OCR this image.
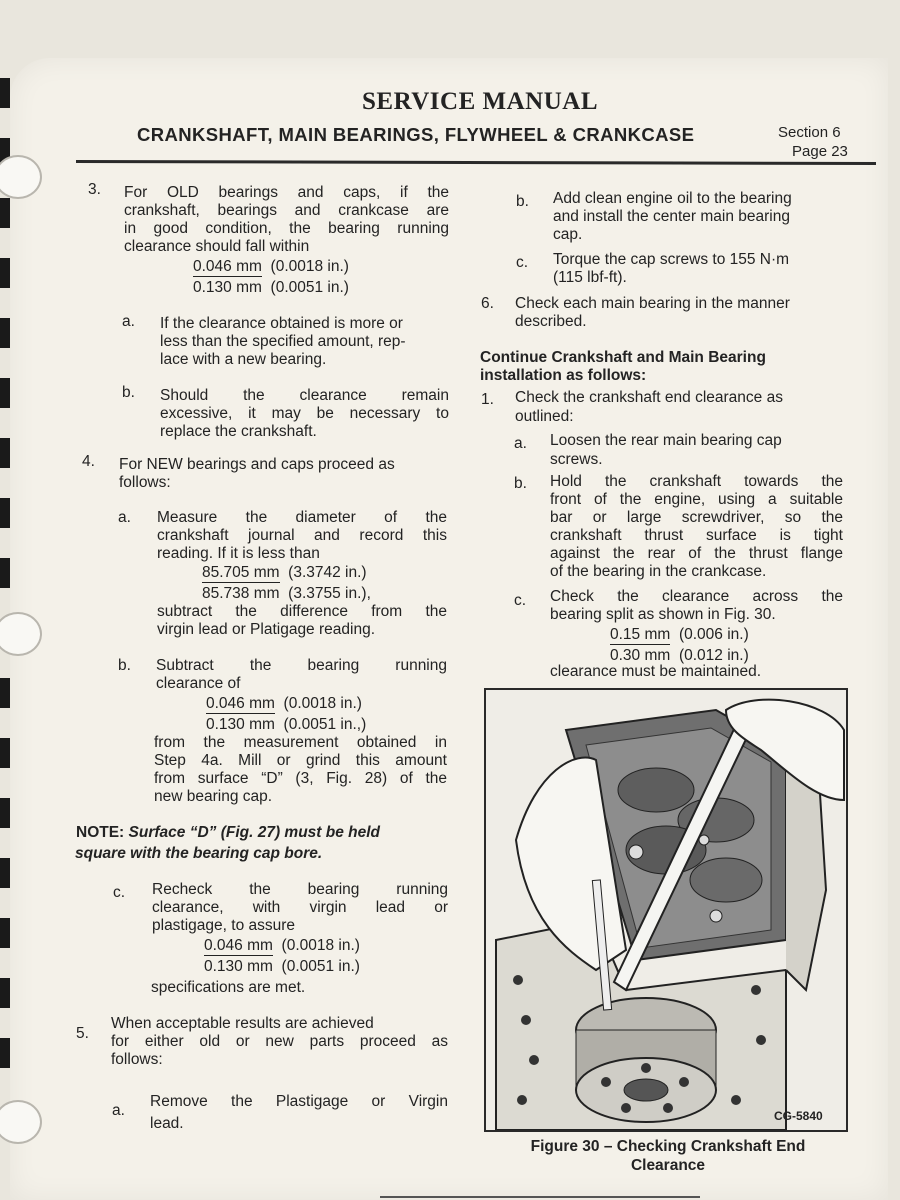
SERVICE MANUAL
CRANKSHAFT, MAIN BEARINGS, FLYWHEEL & CRANKCASE	Section 6
Page 23
3. For OLD bearings and caps, if the
crankshaft, bearings and crankcase are
in good condition, the bearing running
clearance should fall within
0.046 mm (0.0018 in.)
0.130 mm (0.0051 in.)
a. If the clearance obtained is more or
less than the specified amount, rep-
lace with a new bearing.
b. Should the clearance remain
excessive, it may be necessary to
replace the crankshaft.
4. For NEW bearings and caps proceed as
follows:
a. Measure the diameter of the
crankshaft journal and record this
reading. If it is less than
85.705 mm (3.3742 in.)
85.738 mm (3.3755 in.),
subtract the difference from the
virgin lead or Platigage reading.
b. Subtract the bearing running
clearance of
0.046 mm (0.0018 in.)
0.130 mm (0.0051 in.,)
from the measurement obtained in
Step 4a. Mill or grind this amount
from surface “D” (3, Fig. 28) of the
new bearing cap.
NOTE: Surface “D” (Fig. 27) must be held
square with the bearing cap bore.
c. Recheck the bearing running
clearance, with virgin lead or
plastigage, to assure
0.046 mm (0.0018 in.)
0.130 mm (0.0051 in.)
specifications are met.
5.
When acceptable results are achieved
for either old or new parts proceed as
follows:
a.
Remove the Plastigage or Virgin
lead.
b. Add clean engine oil to the bearing
and install the center main bearing
cap.
c. Torque the cap screws to 155 N·m
(115 lbf-ft).
6. Check each main bearing in the manner
described.
Continue Crankshaft and Main Bearing
installation as follows:
1. Check the crankshaft end clearance as
outlined:
a. Loosen the rear main bearing cap
screws.
b. Hold the crankshaft towards the
front of the engine, using a suitable
bar or large screwdriver, so the
crankshaft thrust surface is tight
against the rear of the thrust flange
of the bearing in the crankcase.
c. Check the clearance across the
bearing split as shown in Fig. 30.
0.15 mm (0.006 in.)
0.30 mm (0.012 in.)
clearance must be maintained.
CG-5840
Figure 30 – Checking Crankshaft End
Clearance
